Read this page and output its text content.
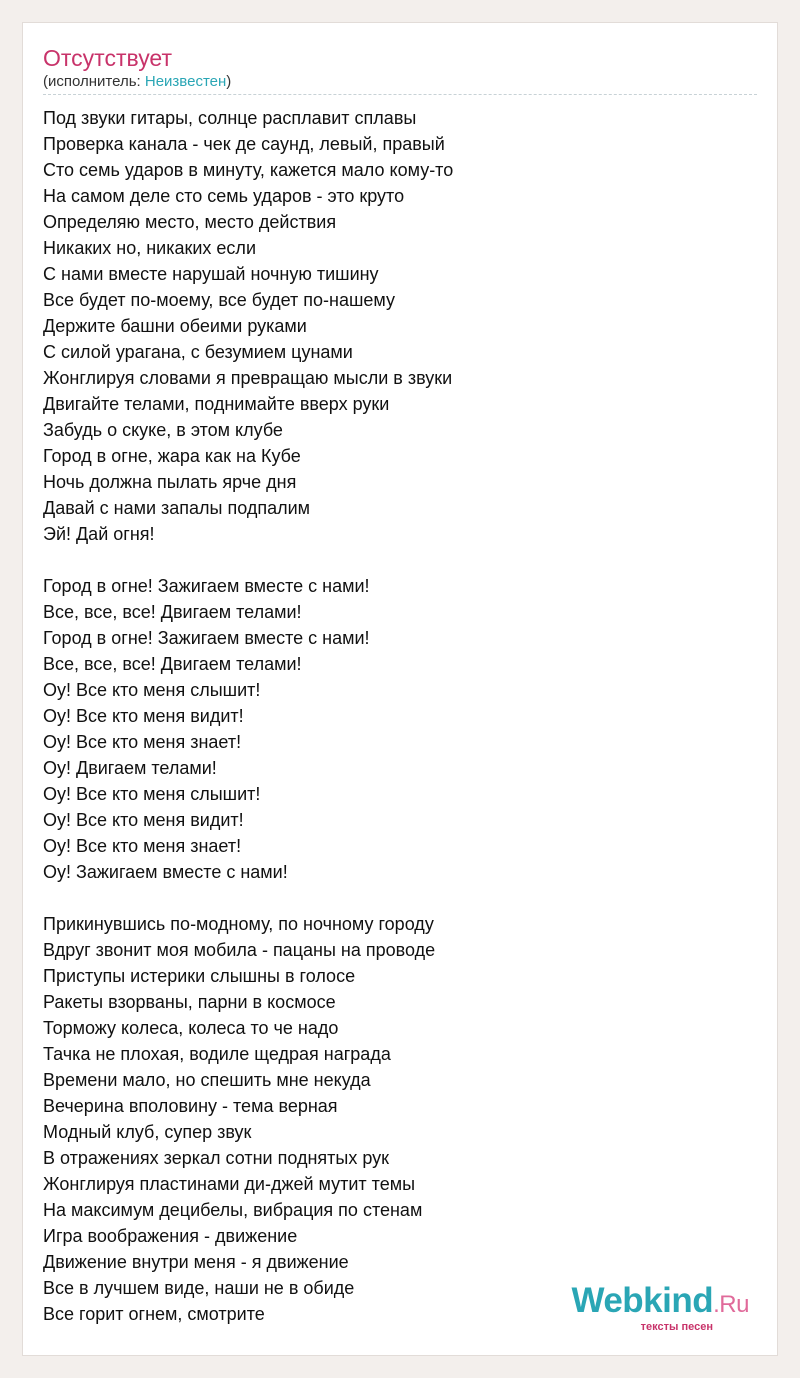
Отсутствует
(исполнитель: Неизвестен)
Под звуки гитары, солнце расплавит сплавы
Проверка канала - чек де саунд, левый, правый
Сто семь ударов в минуту, кажется мало кому-то
На самом деле сто семь ударов - это круто
Определяю место, место действия
Никаких но, никаких если
С нами вместе нарушай ночную тишину
Все будет по-моему, все будет по-нашему
Держите башни обеими руками
С силой урагана, с безумием цунами
Жонглируя словами я превращаю мысли в звуки
Двигайте телами, поднимайте вверх руки
Забудь о скуке, в этом клубе
Город в огне, жара как на Кубе
Ночь должна пылать ярче дня
Давай с нами запалы подпалим
Эй! Дай огня!
Город в огне! Зажигаем вместе с нами!
Все, все, все! Двигаем телами!
Город в огне! Зажигаем вместе с нами!
Все, все, все! Двигаем телами!
Оу! Все кто меня слышит!
Оу! Все кто меня видит!
Оу! Все кто меня знает!
Оу! Двигаем телами!
Оу! Все кто меня слышит!
Оу! Все кто меня видит!
Оу! Все кто меня знает!
Оу! Зажигаем вместе с нами!
Прикинувшись по-модному, по ночному городу
Вдруг звонит моя мобила - пацаны на проводе
Приступы истерики слышны в голосе
Ракеты взорваны, парни в космосе
Торможу колеса, колеса то че надо
Тачка не плохая, водиле щедрая награда
Времени мало, но спешить мне некуда
Вечерина вполовину - тема верная
Модный клуб, супер звук
В отражениях зеркал сотни поднятых рук
Жонглируя пластинами ди-джей мутит темы
На максимум децибелы, вибрация по стенам
Игра воображения - движение
Движение внутри меня - я движение
Все в лучшем виде, наши не в обиде
Все горит огнем, смотрите	Webkind.Ru
тексты песен
